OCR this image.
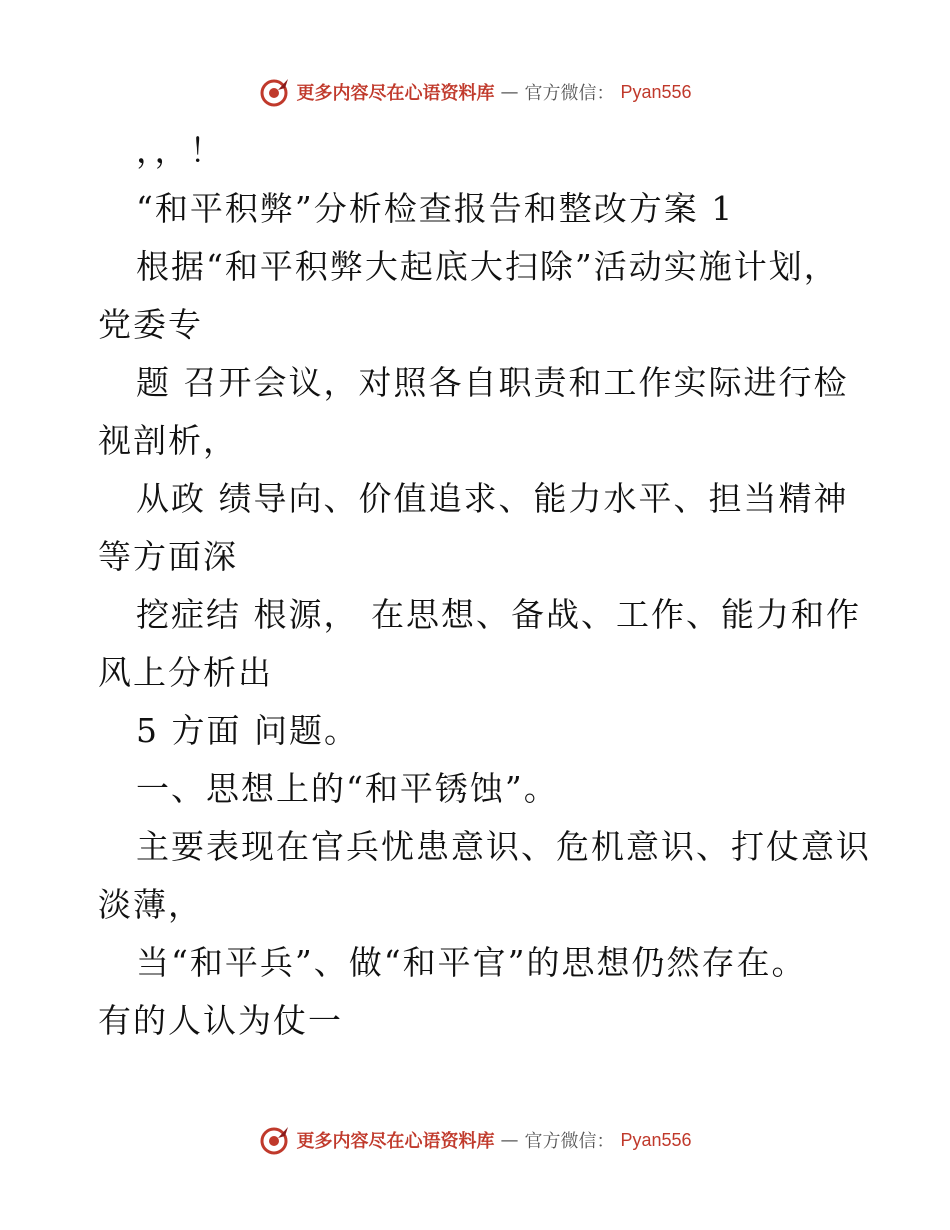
更多内容尽在心语资料库 — 官方微信： Pyan556
，，！
“和平积弊”分析检查报告和整改方案 1
根据“和平积弊大起底大扫除”活动实施计划，
党委专
题 召开会议，对照各自职责和工作实际进行检
视剖析，
从政 绩导向、价值追求、能力水平、担当精神
等方面深
挖症结 根源， 在思想、备战、工作、能力和作
风上分析出
5 方面 问题。
一、思想上的“和平锈蚀”。
主要表现在官兵忧患意识、危机意识、打仗意识
淡薄，
当“和平兵”、做“和平官”的思想仍然存在。
有的人认为仗一
更多内容尽在心语资料库 — 官方微信： Pyan556
